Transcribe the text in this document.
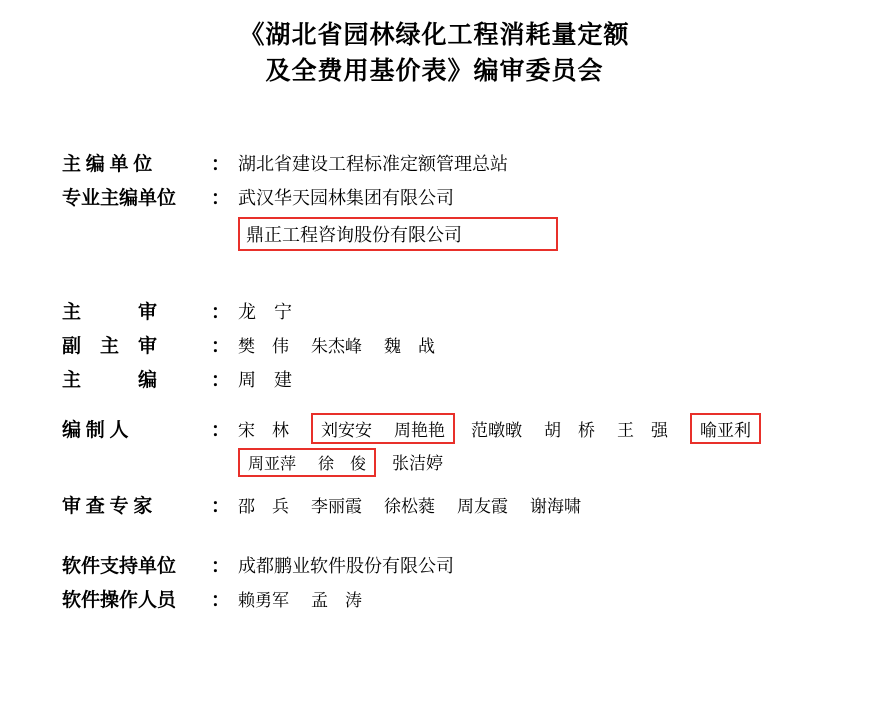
《湖北省园林绿化工程消耗量定额
及全费用基价表》编审委员会
主 编 单 位	： 湖北省建设工程标准定额管理总站
专业主编单位 ： 武汉华天园林集团有限公司
鼎正工程咨询股份有限公司
主　　　审	： 龙　宁
副　主　审	： 樊　伟 朱杰峰 魏　战
主　　　编	： 周　建
编 制 人	： 宋　林 刘安安 周艳艳 范暾暾 胡　桥 王　强 喻亚利
周亚萍 徐　俊 张洁婷
审 查 专 家	： 邵　兵 李丽霞 徐松蕤 周友霞 谢海啸
软件支持单位 ： 成都鹏业软件股份有限公司
软件操作人员 ： 赖勇军 孟　涛
